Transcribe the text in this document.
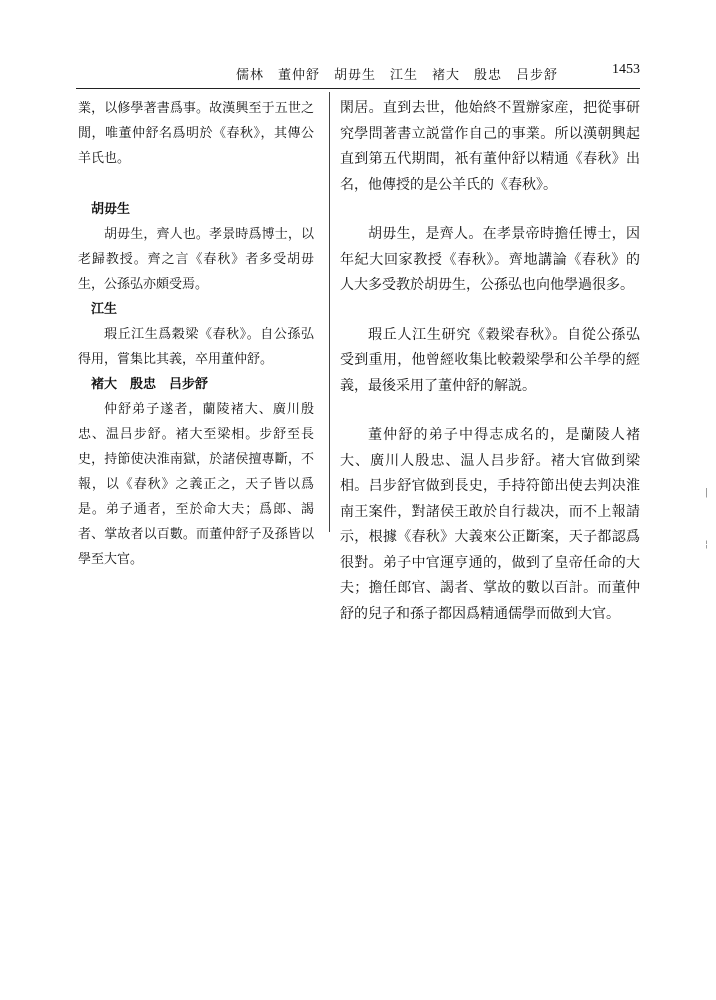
儒林　董仲舒　胡毋生　江生　褚大　殷忠　吕步舒	1453

業，以修學著書爲事。故漢興至于五世之閒，唯董仲舒名爲明於《春秋》，其傳公羊氏也。

胡毋生

胡毋生，齊人也。孝景時爲博士，以老歸教授。齊之言《春秋》者多受胡毋生，公孫弘亦頗受焉。

江生

瑕丘江生爲穀梁《春秋》。自公孫弘得用，嘗集比其義，卒用董仲舒。

褚大　殷忠　吕步舒

仲舒弟子遂者，蘭陵褚大、廣川殷忠、温吕步舒。褚大至梁相。步舒至長史，持節使决淮南獄，於諸侯擅專斷，不報，以《春秋》之義正之，天子皆以爲是。弟子通者，至於命大夫；爲郎、謁者、掌故者以百數。而董仲舒子及孫皆以學至大官。

閑居。直到去世，他始終不置辦家産，把從事研究學問著書立説當作自己的事業。所以漢朝興起直到第五代期間，衹有董仲舒以精通《春秋》出名，他傳授的是公羊氏的《春秋》。

胡毋生，是齊人。在孝景帝時擔任博士，因年紀大回家教授《春秋》。齊地講論《春秋》的人大多受教於胡毋生，公孫弘也向他學過很多。

瑕丘人江生研究《穀梁春秋》。自從公孫弘受到重用，他曾經收集比較穀梁學和公羊學的經義，最後采用了董仲舒的解説。

董仲舒的弟子中得志成名的，是蘭陵人褚大、廣川人殷忠、温人吕步舒。褚大官做到梁相。吕步舒官做到長史，手持符節出使去判决淮南王案件，對諸侯王敢於自行裁决，而不上報請示，根據《春秋》大義來公正斷案，天子都認爲很對。弟子中官運亨通的，做到了皇帝任命的大夫；擔任郎官、謁者、掌故的數以百計。而董仲舒的兒子和孫子都因爲精通儒學而做到大官。

|
¦
